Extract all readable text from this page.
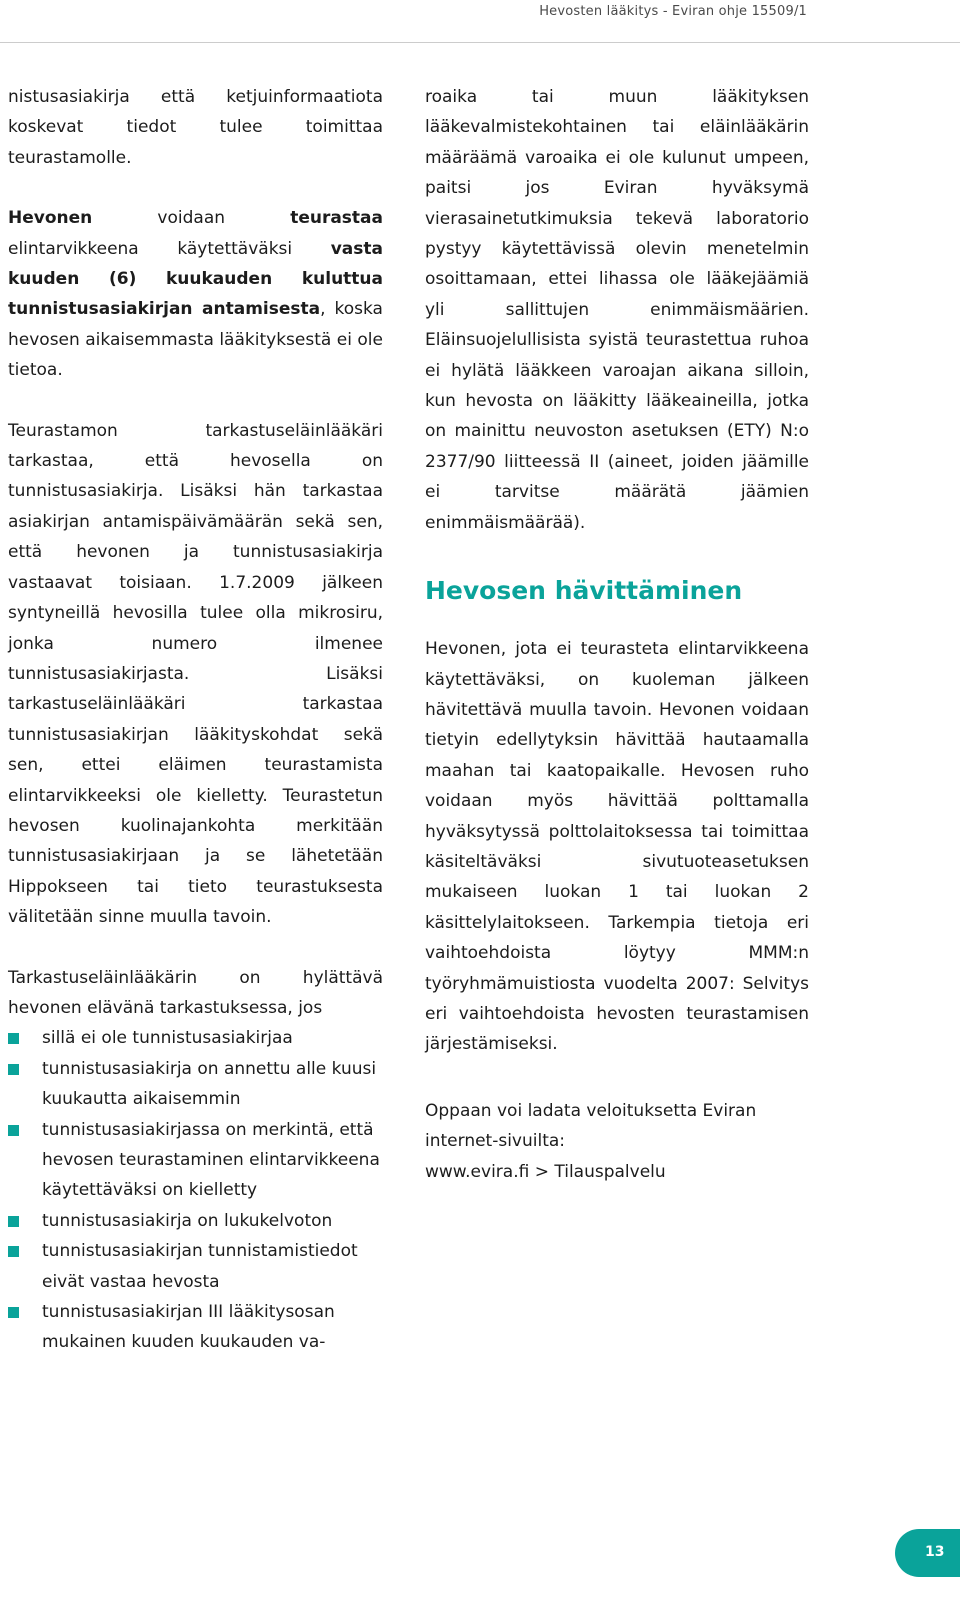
Hevosten lääkitys - Eviran ohje 15509/1

nistusasiakirja että ketjuinformaatiota koskevat tiedot tulee toimittaa teurastamolle.

Hevonen voidaan teurastaa elintarvikkeena käytettäväksi vasta kuuden (6) kuukauden kuluttua tunnistusasiakirjan antamisesta, koska hevosen aikaisemmasta lääkityksestä ei ole tietoa.

Teurastamon tarkastuseläinlääkäri tarkastaa, että hevosella on tunnistusasiakirja. Lisäksi hän tarkastaa asiakirjan antamispäivämäärän sekä sen, että hevonen ja tunnistusasiakirja vastaavat toisiaan. 1.7.2009 jälkeen syntyneillä hevosilla tulee olla mikrosiru, jonka numero ilmenee tunnistusasiakirjasta. Lisäksi tarkastuseläinlääkäri tarkastaa tunnistusasiakirjan lääkityskohdat sekä sen, ettei eläimen teurastamista elintarvikkeeksi ole kielletty. Teurastetun hevosen kuolinajankohta merkitään tunnistusasiakirjaan ja se lähetetään Hippokseen tai tieto teurastuksesta välitetään sinne muulla tavoin.

Tarkastuseläinlääkärin on hylättävä hevonen elävänä tarkastuksessa, jos

sillä ei ole tunnistusasiakirjaa
tunnistusasiakirja on annettu alle kuusi kuukautta aikaisemmin
tunnistusasiakirjassa on merkintä, että hevosen teurastaminen elintarvikkeena käytettäväksi on kielletty
tunnistusasiakirja on lukukelvoton
tunnistusasiakirjan tunnistamistiedot eivät vastaa hevosta
tunnistusasiakirjan III lääkitysosan mukainen kuuden kuukauden va-

roaika tai muun lääkityksen lääkevalmistekohtainen tai eläinlääkärin määräämä varoaika ei ole kulunut umpeen, paitsi jos Eviran hyväksymä vierasainetutkimuksia tekevä laboratorio pystyy käytettävissä olevin menetelmin osoittamaan, ettei lihassa ole lääkejäämiä yli sallittujen enimmäismäärien. Eläinsuojelullisista syistä teurastettua ruhoa ei hylätä lääkkeen varoajan aikana silloin, kun hevosta on lääkitty lääkeaineilla, jotka on mainittu neuvoston asetuksen (ETY) N:o 2377/90 liitteessä II (aineet, joiden jäämille ei tarvitse määrätä jäämien enimmäismäärää).

Hevosen hävittäminen

Hevonen, jota ei teurasteta elintarvikkeena käytettäväksi, on kuoleman jälkeen hävitettävä muulla tavoin. Hevonen voidaan tietyin edellytyksin hävittää hautaamalla maahan tai kaatopaikalle. Hevosen ruho voidaan myös hävittää polttamalla hyväksytyssä polttolaitoksessa tai toimittaa käsiteltäväksi sivutuoteasetuksen mukaiseen luokan 1 tai luokan 2 käsittelylaitokseen. Tarkempia tietoja eri vaihtoehdoista löytyy MMM:n työryhmämuistiosta vuodelta 2007: Selvitys eri vaihtoehdoista hevosten teurastamisen järjestämiseksi.

Oppaan voi ladata veloituksetta Eviran internet-sivuilta:
www.evira.fi > Tilauspalvelu

13
